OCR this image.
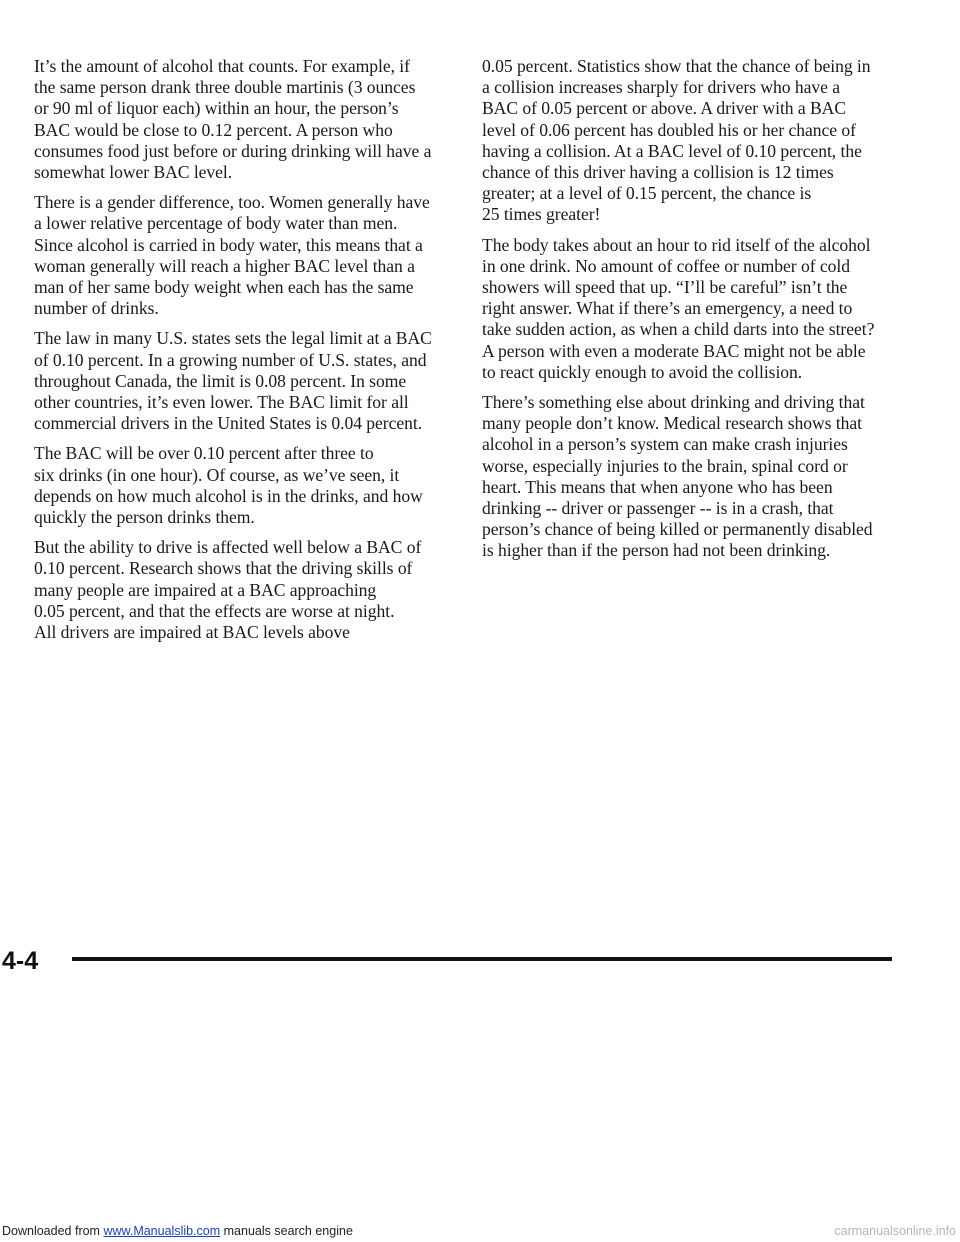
It’s the amount of alcohol that counts. For example, if
the same person drank three double martinis (3 ounces
or 90 ml of liquor each) within an hour, the person’s
BAC would be close to 0.12 percent. A person who
consumes food just before or during drinking will have a
somewhat lower BAC level.

There is a gender difference, too. Women generally have
a lower relative percentage of body water than men.
Since alcohol is carried in body water, this means that a
woman generally will reach a higher BAC level than a
man of her same body weight when each has the same
number of drinks.

The law in many U.S. states sets the legal limit at a BAC
of 0.10 percent. In a growing number of U.S. states, and
throughout Canada, the limit is 0.08 percent. In some
other countries, it’s even lower. The BAC limit for all
commercial drivers in the United States is 0.04 percent.

The BAC will be over 0.10 percent after three to
six drinks (in one hour). Of course, as we’ve seen, it
depends on how much alcohol is in the drinks, and how
quickly the person drinks them.

But the ability to drive is affected well below a BAC of
0.10 percent. Research shows that the driving skills of
many people are impaired at a BAC approaching
0.05 percent, and that the effects are worse at night.
All drivers are impaired at BAC levels above

0.05 percent. Statistics show that the chance of being in
a collision increases sharply for drivers who have a
BAC of 0.05 percent or above. A driver with a BAC
level of 0.06 percent has doubled his or her chance of
having a collision. At a BAC level of 0.10 percent, the
chance of this driver having a collision is 12 times
greater; at a level of 0.15 percent, the chance is
25 times greater!

The body takes about an hour to rid itself of the alcohol
in one drink. No amount of coffee or number of cold
showers will speed that up. “I’ll be careful” isn’t the
right answer. What if there’s an emergency, a need to
take sudden action, as when a child darts into the street?
A person with even a moderate BAC might not be able
to react quickly enough to avoid the collision.

There’s something else about drinking and driving that
many people don’t know. Medical research shows that
alcohol in a person’s system can make crash injuries
worse, especially injuries to the brain, spinal cord or
heart. This means that when anyone who has been
drinking -- driver or passenger -- is in a crash, that
person’s chance of being killed or permanently disabled
is higher than if the person had not been drinking.

4-4
Downloaded from www.Manualslib.com manuals search engine	carmanualsonline.info
